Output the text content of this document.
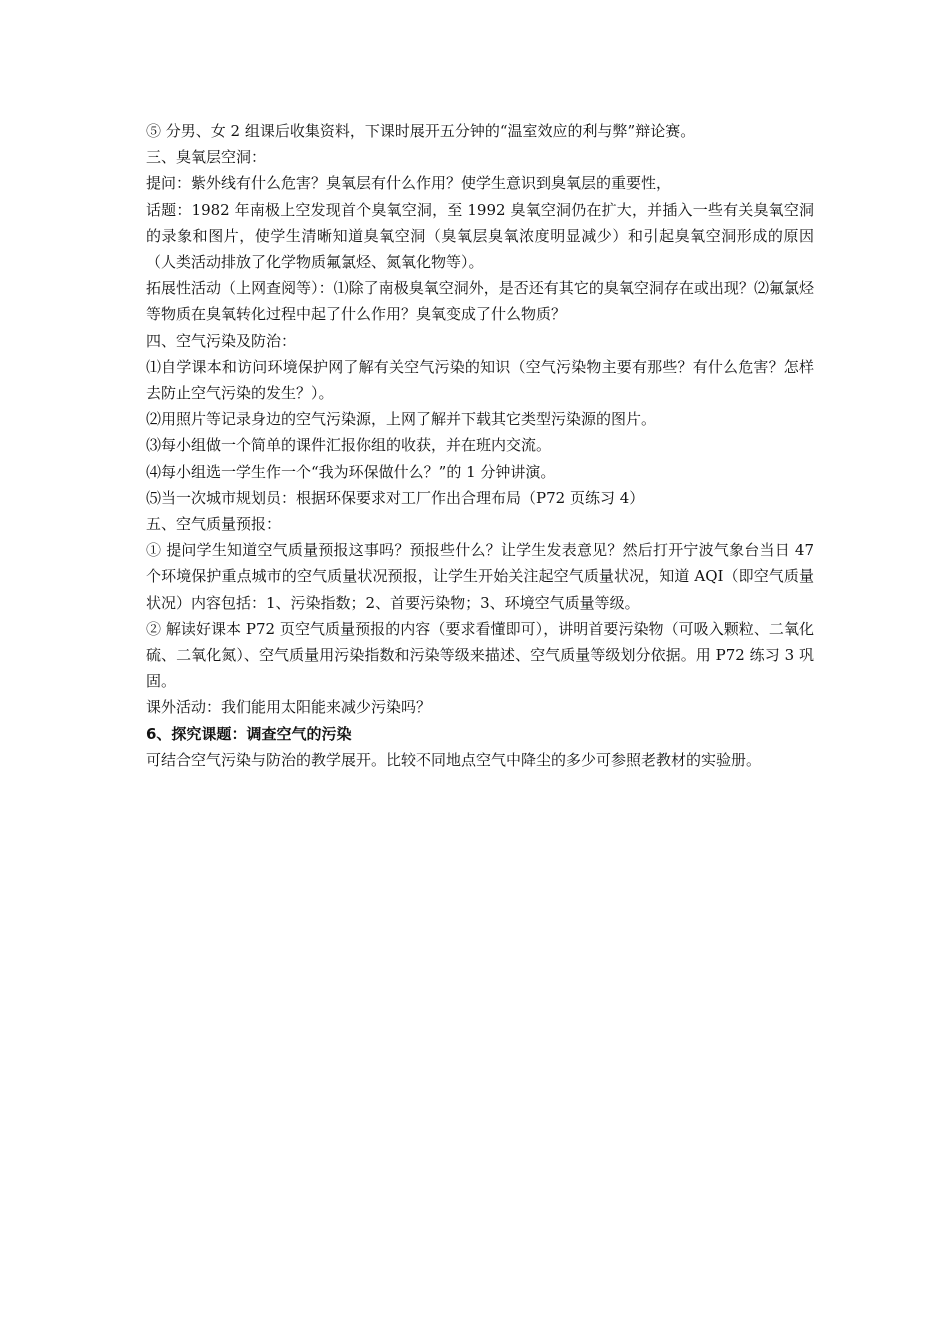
⑤ 分男、女 2 组课后收集资料，下课时展开五分钟的“温室效应的利与弊”辩论赛。

三、臭氧层空洞：

提问：紫外线有什么危害？臭氧层有什么作用？使学生意识到臭氧层的重要性，

话题：1982 年南极上空发现首个臭氧空洞，至 1992 臭氧空洞仍在扩大，并插入一些有关臭氧空洞的录象和图片，使学生清晰知道臭氧空洞（臭氧层臭氧浓度明显减少）和引起臭氧空洞形成的原因（人类活动排放了化学物质氟氯烃、氮氧化物等）。

拓展性活动（上网查阅等）：⑴除了南极臭氧空洞外，是否还有其它的臭氧空洞存在或出现？⑵氟氯烃等物质在臭氧转化过程中起了什么作用？臭氧变成了什么物质？

四、空气污染及防治：

⑴自学课本和访问环境保护网了解有关空气污染的知识（空气污染物主要有那些？有什么危害？怎样去防止空气污染的发生？）。

⑵用照片等记录身边的空气污染源，上网了解并下载其它类型污染源的图片。

⑶每小组做一个简单的课件汇报你组的收获，并在班内交流。

⑷每小组选一学生作一个“我为环保做什么？”的 1 分钟讲演。

⑸当一次城市规划员：根据环保要求对工厂作出合理布局（P72 页练习 4）

五、空气质量预报：

① 提问学生知道空气质量预报这事吗？预报些什么？让学生发表意见？然后打开宁波气象台当日 47 个环境保护重点城市的空气质量状况预报，让学生开始关注起空气质量状况，知道 AQI（即空气质量状况）内容包括：1、污染指数；2、首要污染物；3、环境空气质量等级。

② 解读好课本 P72 页空气质量预报的内容（要求看懂即可），讲明首要污染物（可吸入颗粒、二氧化硫、二氧化氮）、空气质量用污染指数和污染等级来描述、空气质量等级划分依据。用 P72 练习 3 巩固。

课外活动：我们能用太阳能来减少污染吗？

6、探究课题：调查空气的污染

可结合空气污染与防治的教学展开。比较不同地点空气中降尘的多少可参照老教材的实验册。
